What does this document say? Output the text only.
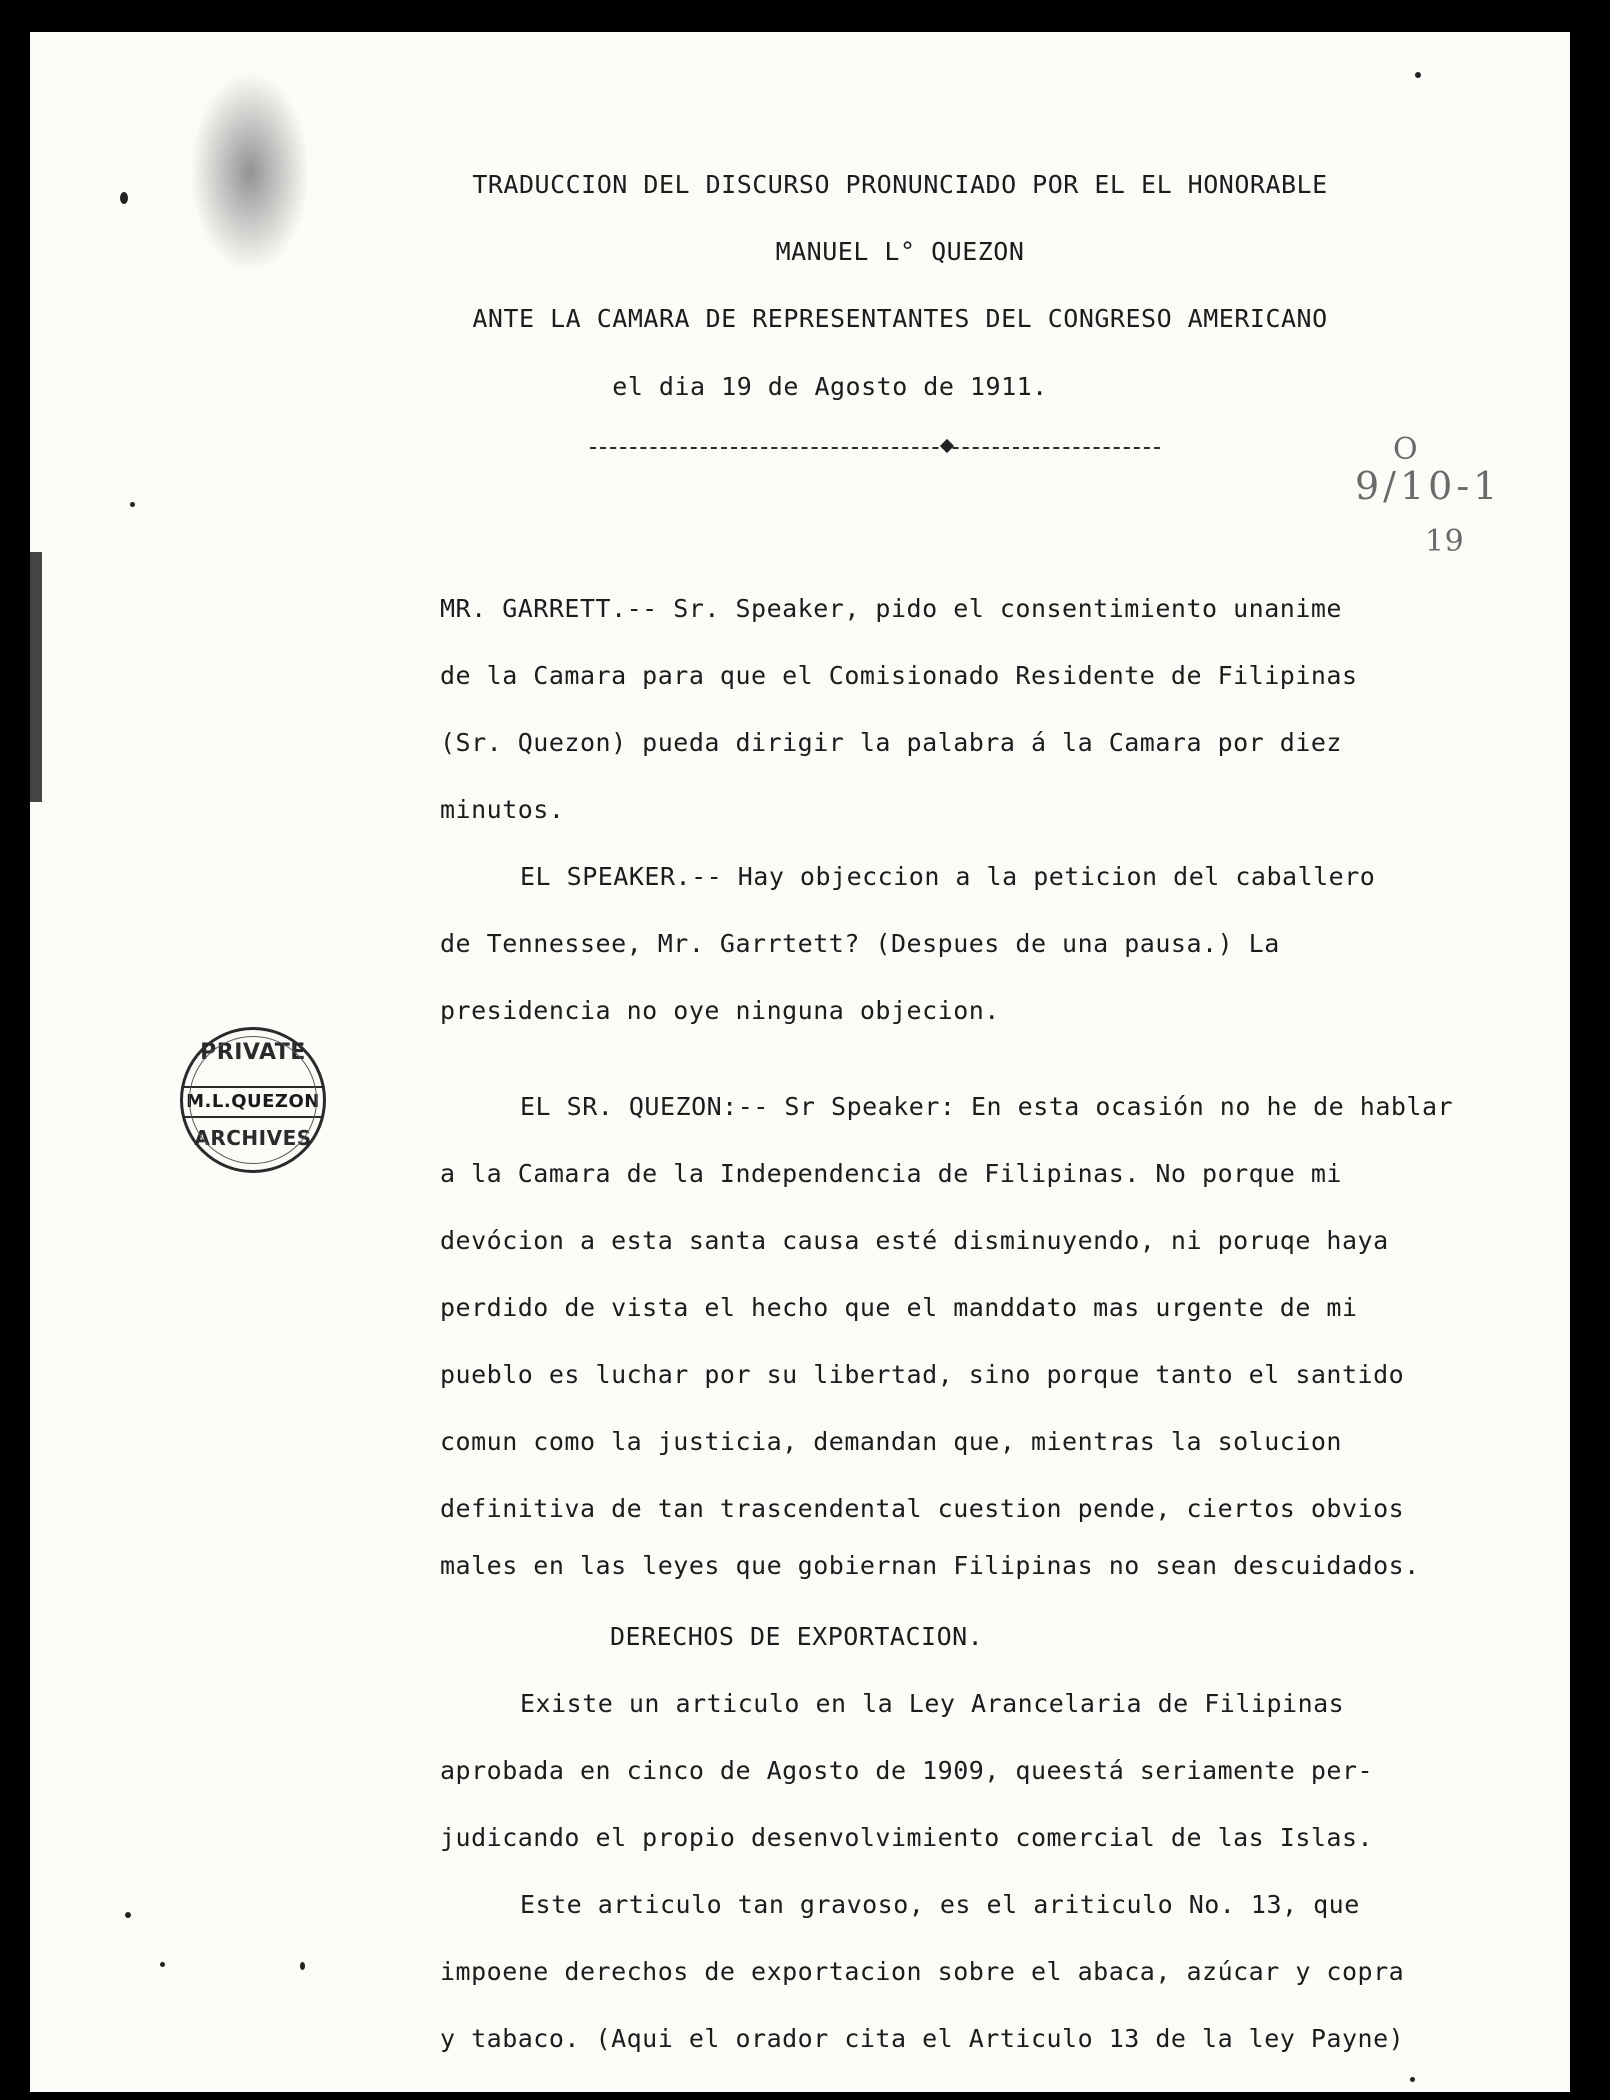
TRADUCCION DEL DISCURSO PRONUNCIADO POR EL EL HONORABLE
MANUEL L° QUEZON
ANTE LA CAMARA DE REPRESENTANTES DEL CONGRESO AMERICANO
el dia 19 de Agosto de 1911.
MR. GARRETT.-- Sr. Speaker, pido el consentimiento unanime
de la Camara para que el Comisionado Residente de Filipinas
(Sr. Quezon) pueda dirigir la palabra á la Camara por diez
minutos.
EL SPEAKER.-- Hay objeccion a la peticion del caballero
de Tennessee, Mr. Garrtett? (Despues de una pausa.) La
presidencia no oye ninguna objecion.
EL SR. QUEZON:-- Sr Speaker: En esta ocasión no he de hablar
a la Camara de la Independencia de Filipinas. No porque mi
devócion a esta santa causa esté disminuyendo, ni poruqe haya
perdido de vista el hecho que el manddato mas urgente de mi
pueblo es luchar por su libertad, sino porque tanto el santido
comun como la justicia, demandan que, mientras la solucion
definitiva de tan trascendental cuestion pende, ciertos obvios
males en las leyes que gobiernan Filipinas no sean descuidados.
DERECHOS DE EXPORTACION.
Existe un articulo en la Ley Arancelaria de Filipinas
aprobada en cinco de Agosto de 1909, queestá seriamente per-
judicando el propio desenvolvimiento comercial de las Islas.
Este articulo tan gravoso, es el ariticulo No. 13, que
impoene derechos de exportacion sobre el abaca, azúcar y copra
y tabaco. (Aqui el orador cita el Articulo 13 de la ley Payne)
PRIVATE
M.L.QUEZON
ARCHIVES
O
9/10-1
19
